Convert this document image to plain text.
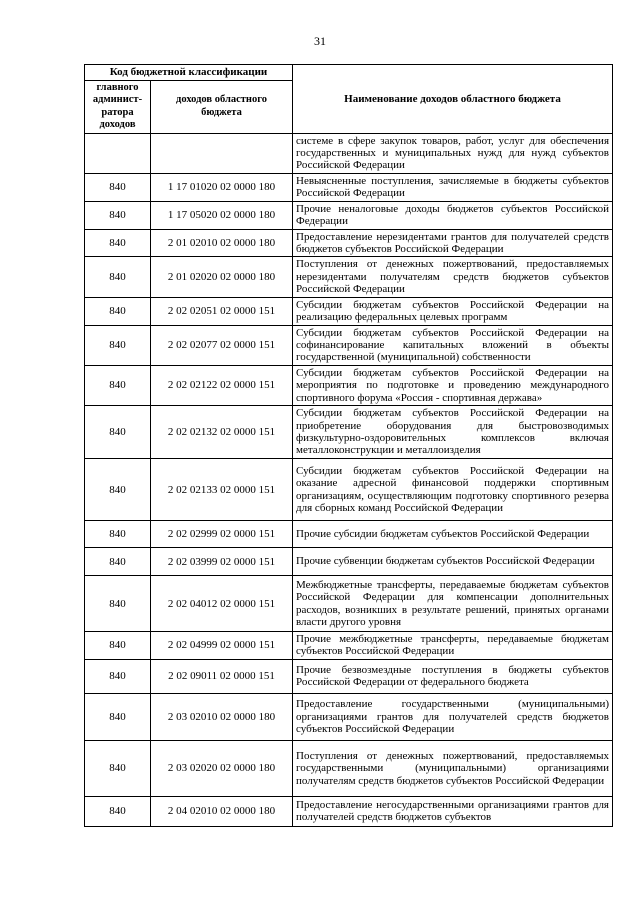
31
Код бюджетной классификации		Наименование доходов областного бюджета
главного админист-ратора доходов	доходов областного бюджета	
		системе в сфере закупок товаров, работ, услуг для обеспечения государственных и муниципальных нужд для нужд субъектов Российской Федерации
840	1 17 01020 02 0000 180	Невыясненные поступления, зачисляемые в бюджеты субъектов Российской Федерации
840	1 17 05020 02 0000 180	Прочие неналоговые доходы бюджетов субъектов Российской Федерации
840	2 01 02010 02 0000 180	Предоставление нерезидентами грантов для получателей средств бюджетов субъектов Российской Федерации
840	2 01 02020 02 0000 180	Поступления от денежных пожертвований, предоставляемых нерезидентами получателям средств бюджетов субъектов Российской Федерации
840	2 02 02051 02 0000 151	Субсидии бюджетам субъектов Российской Федерации на реализацию федеральных целевых программ
840	2 02 02077 02 0000 151	Субсидии бюджетам субъектов Российской Федерации на софинансирование капитальных вложений в объекты государственной (муниципальной) собственности
840	2 02 02122 02 0000 151	Субсидии бюджетам субъектов Российской Федерации на мероприятия по подготовке и проведению международного спортивного форума «Россия - спортивная держава»
840	2 02 02132 02 0000 151	Субсидии бюджетам субъектов Российской Федерации на приобретение оборудования для быстровозводимых физкультурно-оздоровительных комплексов включая металлоконструкции и металлоизделия
840	2 02 02133 02 0000 151	Субсидии бюджетам субъектов Российской Федерации на оказание адресной финансовой поддержки спортивным организациям, осуществляющим подготовку спортивного резерва для сборных команд Российской Федерации
840	2 02 02999 02 0000 151	Прочие субсидии бюджетам субъектов Российской Федерации
840	2 02 03999 02 0000 151	Прочие субвенции бюджетам субъектов Российской Федерации
840	2 02 04012 02 0000 151	Межбюджетные трансферты, передаваемые бюджетам субъектов Российской Федерации для компенсации дополнительных расходов, возникших в результате решений, принятых органами власти другого уровня
840	2 02 04999 02 0000 151	Прочие межбюджетные трансферты, передаваемые бюджетам субъектов Российской Федерации
840	2 02 09011 02 0000 151	Прочие безвозмездные поступления в бюджеты субъектов Российской Федерации от федерального бюджета
840	2 03 02010 02 0000 180	Предоставление государственными (муниципальными) организациями грантов для получателей средств бюджетов субъектов Российской Федерации
840	2 03 02020 02 0000 180	Поступления от денежных пожертвований, предоставляемых государственными (муниципальными) организациями получателям средств бюджетов субъектов Российской Федерации
840	2 04 02010 02 0000 180	Предоставление негосударственными организациями грантов для получателей средств бюджетов субъектов
